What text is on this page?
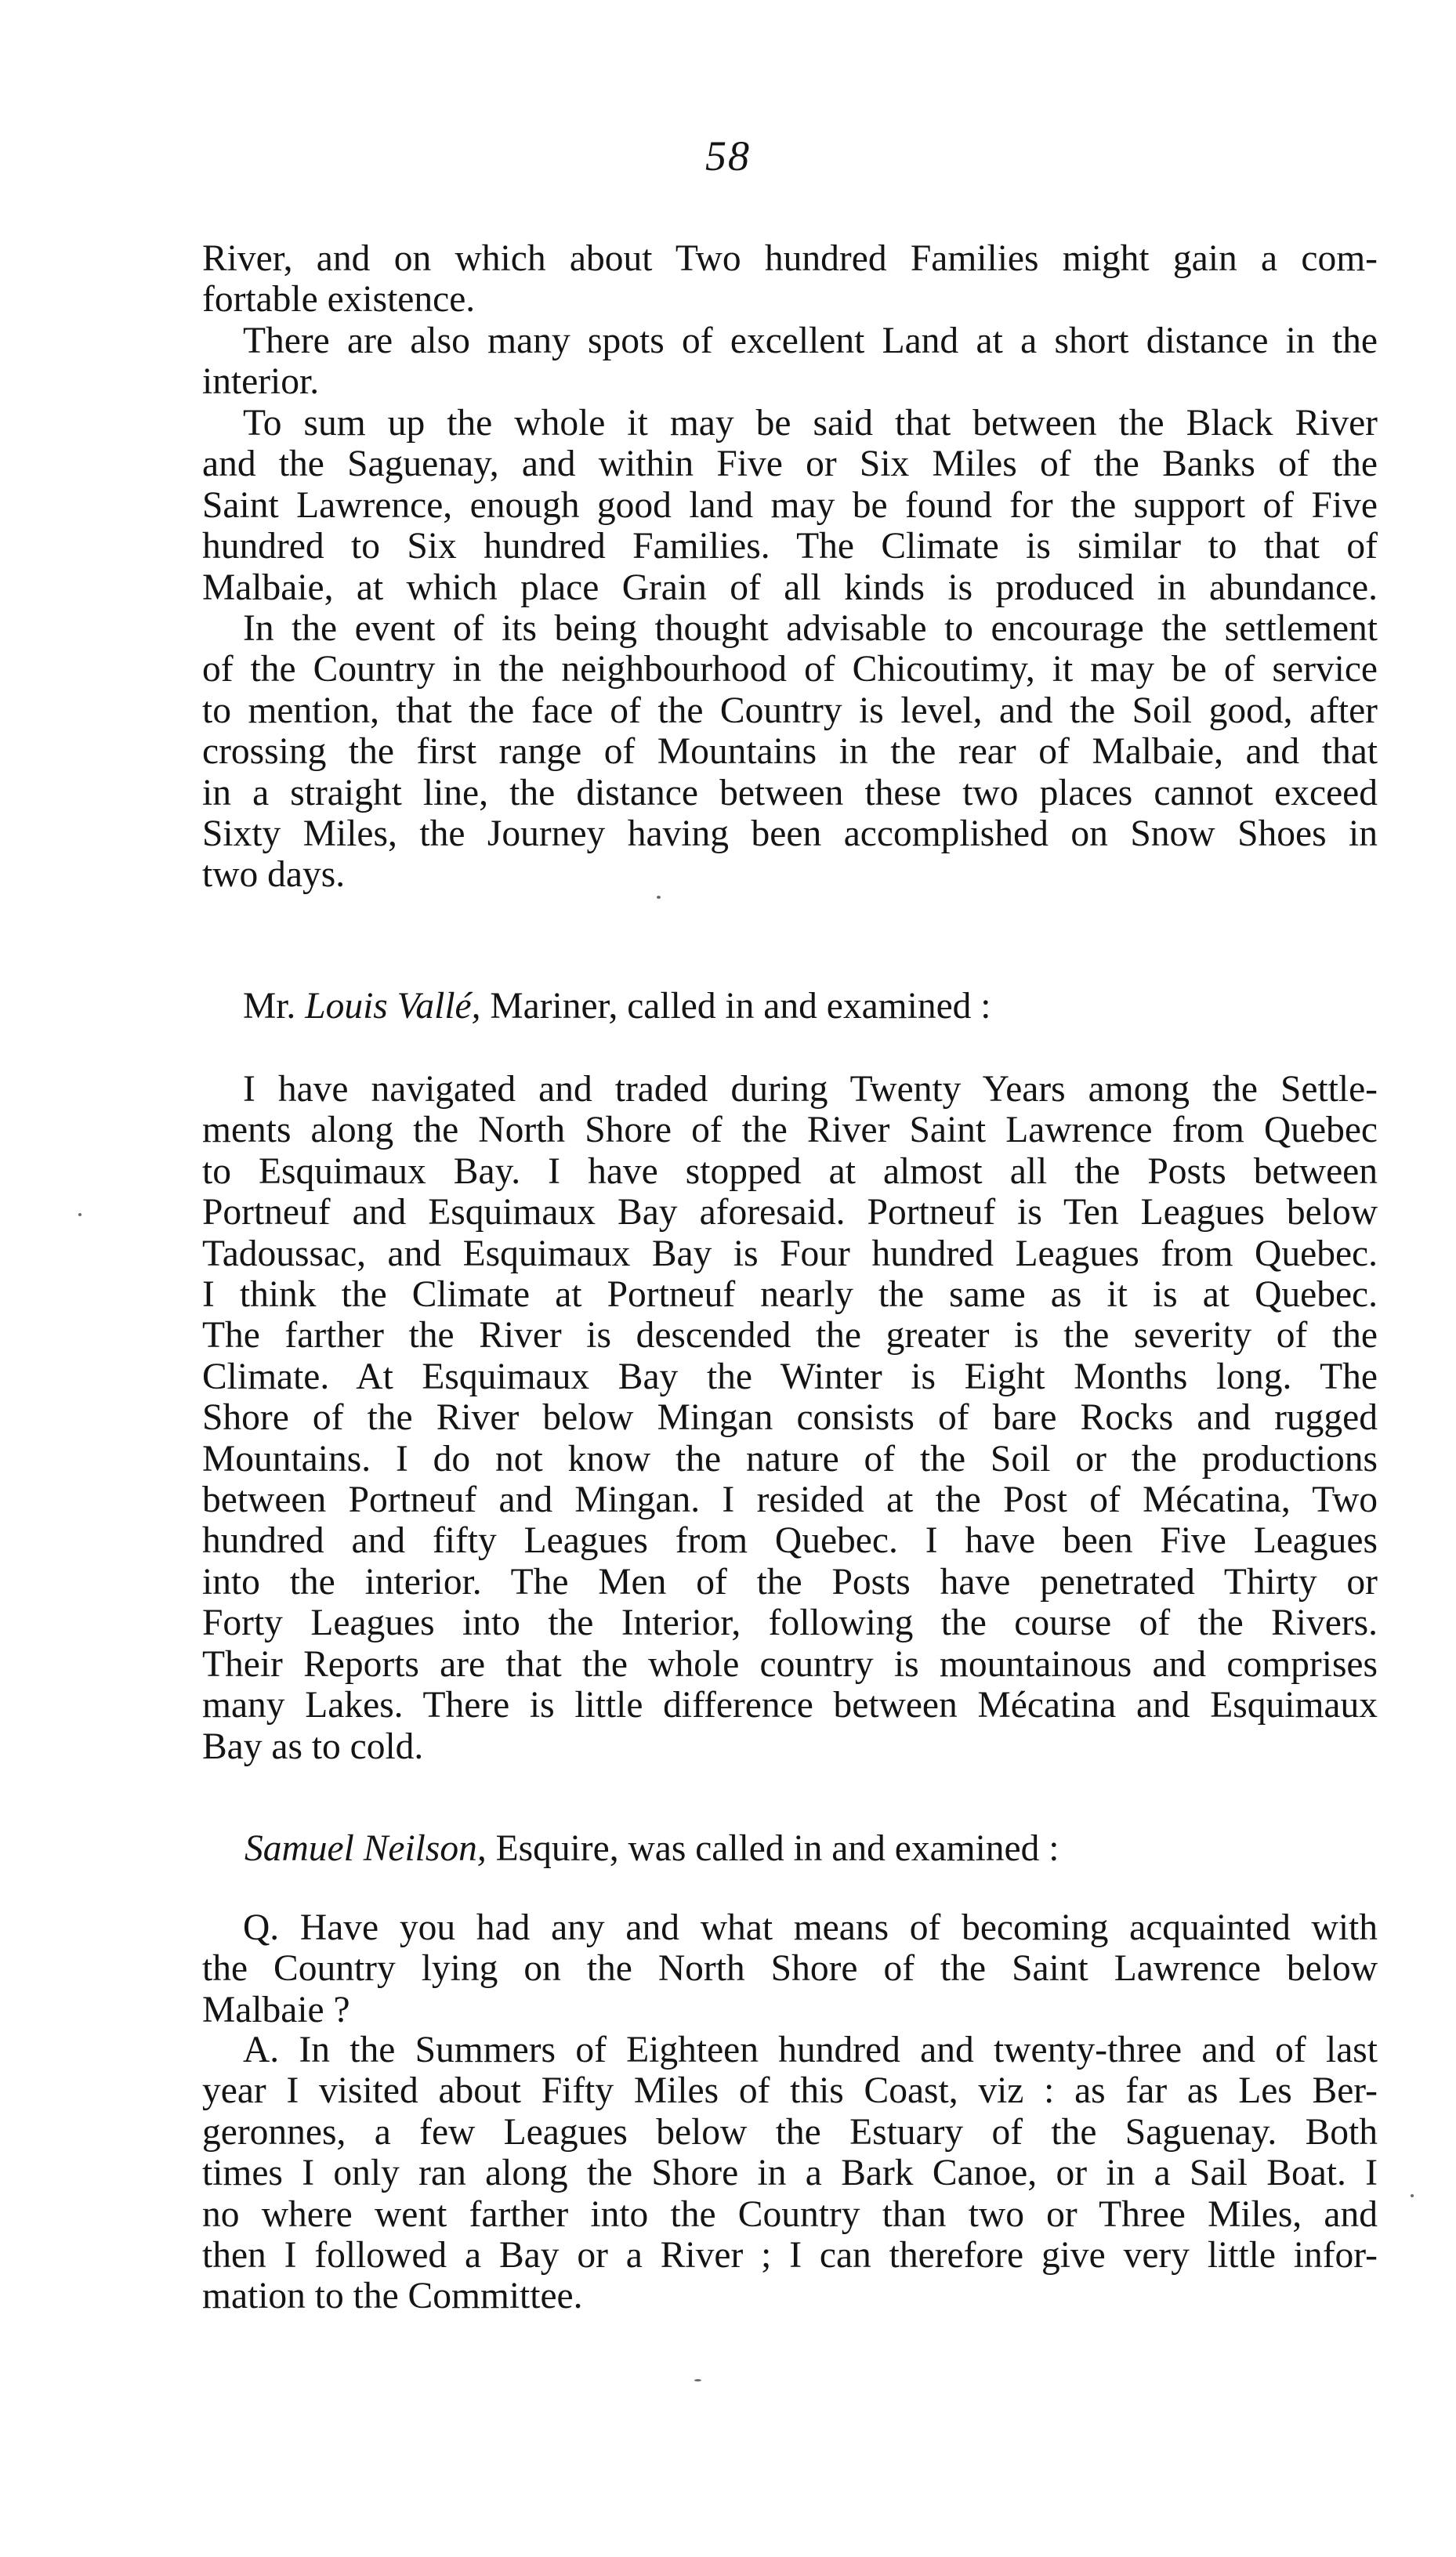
58
River, and on which about Two hundred Families might gain a com-
fortable existence.
There are also many spots of excellent Land at a short distance in the
interior.
To sum up the whole it may be said that between the Black River
and the Saguenay, and within Five or Six Miles of the Banks of the
Saint Lawrence, enough good land may be found for the support of Five
hundred to Six hundred Families. The Climate is similar to that of
Malbaie, at which place Grain of all kinds is produced in abundance.
In the event of its being thought advisable to encourage the settlement
of the Country in the neighbourhood of Chicoutimy, it may be of service
to mention, that the face of the Country is level, and the Soil good, after
crossing the first range of Mountains in the rear of Malbaie, and that
in a straight line, the distance between these two places cannot exceed
Sixty Miles, the Journey having been accomplished on Snow Shoes in
two days.
Mr. Louis Vallé, Mariner, called in and examined :
I have navigated and traded during Twenty Years among the Settle-
ments along the North Shore of the River Saint Lawrence from Quebec
to Esquimaux Bay. I have stopped at almost all the Posts between
Portneuf and Esquimaux Bay aforesaid. Portneuf is Ten Leagues below
Tadoussac, and Esquimaux Bay is Four hundred Leagues from Quebec.
I think the Climate at Portneuf nearly the same as it is at Quebec.
The farther the River is descended the greater is the severity of the
Climate. At Esquimaux Bay the Winter is Eight Months long. The
Shore of the River below Mingan consists of bare Rocks and rugged
Mountains. I do not know the nature of the Soil or the productions
between Portneuf and Mingan. I resided at the Post of Mécatina, Two
hundred and fifty Leagues from Quebec. I have been Five Leagues
into the interior. The Men of the Posts have penetrated Thirty or
Forty Leagues into the Interior, following the course of the Rivers.
Their Reports are that the whole country is mountainous and comprises
many Lakes. There is little difference between Mécatina and Esquimaux
Bay as to cold.
Samuel Neilson, Esquire, was called in and examined :
Q. Have you had any and what means of becoming acquainted with
the Country lying on the North Shore of the Saint Lawrence below
Malbaie ?
A. In the Summers of Eighteen hundred and twenty-three and of last
year I visited about Fifty Miles of this Coast, viz : as far as Les Ber-
geronnes, a few Leagues below the Estuary of the Saguenay. Both
times I only ran along the Shore in a Bark Canoe, or in a Sail Boat. I
no where went farther into the Country than two or Three Miles, and
then I followed a Bay or a River ; I can therefore give very little infor-
mation to the Committee.
